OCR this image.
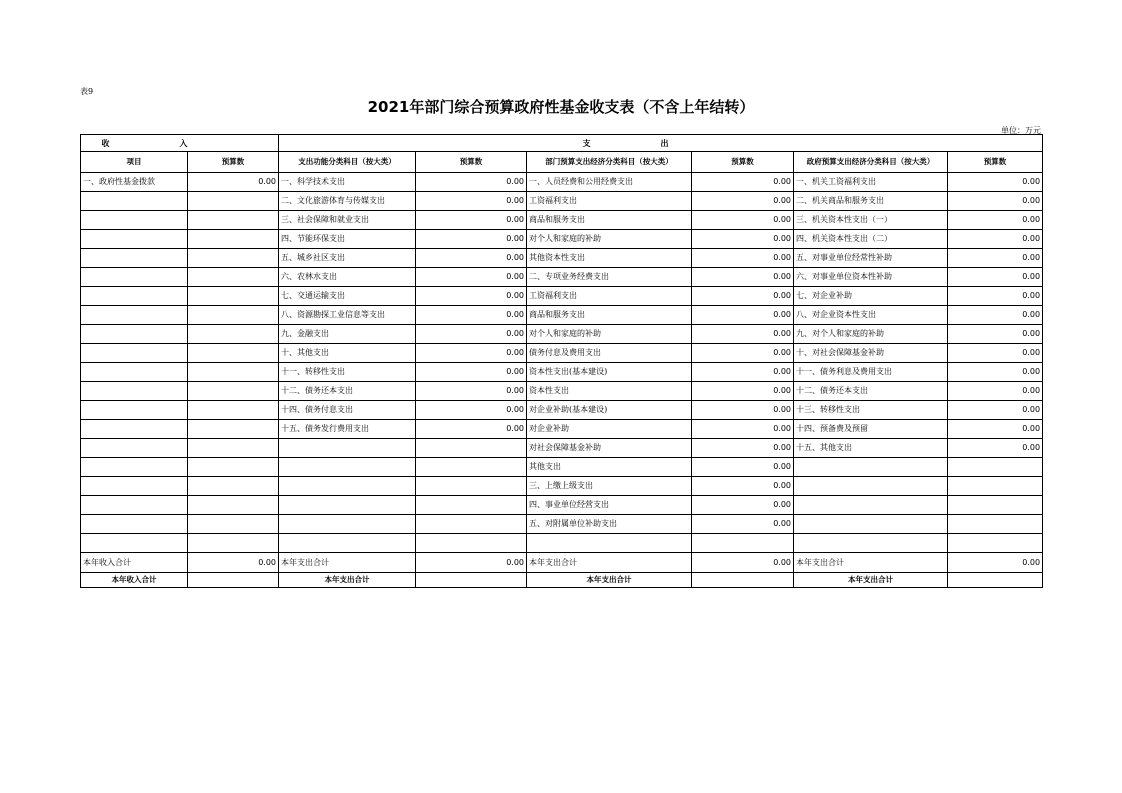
表9
2021年部门综合预算政府性基金收支表（不含上年结转）
单位：万元
收入		支出					
项目	预算数	支出功能分类科目（按大类）	预算数	部门预算支出经济分类科目（按大类）	预算数	政府预算支出经济分类科目（按大类）	预算数
一、政府性基金拨款	0.00	一、科学技术支出	0.00	一、人员经费和公用经费支出	0.00	一、机关工资福利支出	0.00
		二、文化旅游体育与传媒支出	0.00	工资福利支出	0.00	二、机关商品和服务支出	0.00
		三、社会保障和就业支出	0.00	商品和服务支出	0.00	三、机关资本性支出（一）	0.00
		四、节能环保支出	0.00	对个人和家庭的补助	0.00	四、机关资本性支出（二）	0.00
		五、城乡社区支出	0.00	其他资本性支出	0.00	五、对事业单位经常性补助	0.00
		六、农林水支出	0.00	二、专项业务经费支出	0.00	六、对事业单位资本性补助	0.00
		七、交通运输支出	0.00	工资福利支出	0.00	七、对企业补助	0.00
		八、资源勘探工业信息等支出	0.00	商品和服务支出	0.00	八、对企业资本性支出	0.00
		九、金融支出	0.00	对个人和家庭的补助	0.00	九、对个人和家庭的补助	0.00
		十、其他支出	0.00	债务付息及费用支出	0.00	十、对社会保障基金补助	0.00
		十一、转移性支出	0.00	资本性支出(基本建设)	0.00	十一、债务利息及费用支出	0.00
		十二、债务还本支出	0.00	资本性支出	0.00	十二、债务还本支出	0.00
		十四、债务付息支出	0.00	对企业补助(基本建设)	0.00	十三、转移性支出	0.00
		十五、债务发行费用支出	0.00	对企业补助	0.00	十四、预备费及预留	0.00
				对社会保障基金补助	0.00	十五、其他支出	0.00
				其他支出	0.00		
				三、上缴上级支出	0.00		
				四、事业单位经营支出	0.00		
				五、对附属单位补助支出	0.00		

本年收入合计	0.00	本年支出合计	0.00	本年支出合计	0.00	本年支出合计	0.00
本年收入合计		本年支出合计		本年支出合计		本年支出合计	
